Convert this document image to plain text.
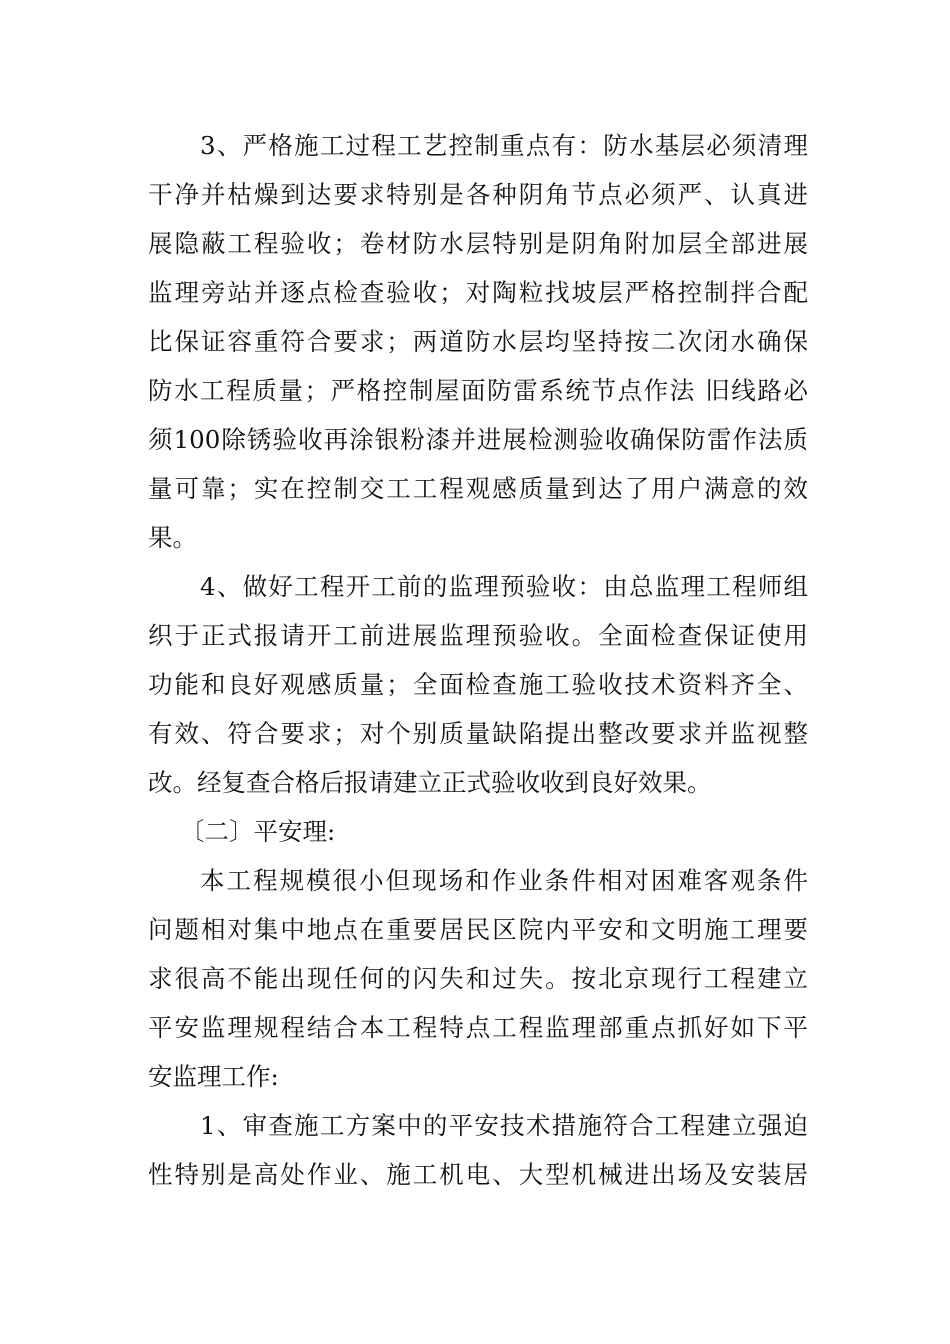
3、严格施工过程工艺控制重点有：防水基层必须清理
干净并枯燥到达要求特别是各种阴角节点必须严、认真进
展隐蔽工程验收；卷材防水层特别是阴角附加层全部进展
监理旁站并逐点检查验收；对陶粒找坡层严格控制拌合配
比保证容重符合要求；两道防水层均坚持按二次闭水确保
防水工程质量；严格控制屋面防雷系统节点作法 旧线路必
须100除锈验收再涂银粉漆并进展检测验收确保防雷作法质
量可靠；实在控制交工工程观感质量到达了用户满意的效
果。
4、做好工程开工前的监理预验收：由总监理工程师组
织于正式报请开工前进展监理预验收。全面检查保证使用
功能和良好观感质量；全面检查施工验收技术资料齐全、
有效、符合要求；对个别质量缺陷提出整改要求并监视整
改。经复查合格后报请建立正式验收收到良好效果。
〔二〕平安理:
本工程规模很小但现场和作业条件相对困难客观条件
问题相对集中地点在重要居民区院内平安和文明施工理要
求很高不能出现任何的闪失和过失。按北京现行工程建立
平安监理规程结合本工程特点工程监理部重点抓好如下平
安监理工作:
1、审查施工方案中的平安技术措施符合工程建立强迫
性特别是高处作业、施工机电、大型机械进出场及安装居
